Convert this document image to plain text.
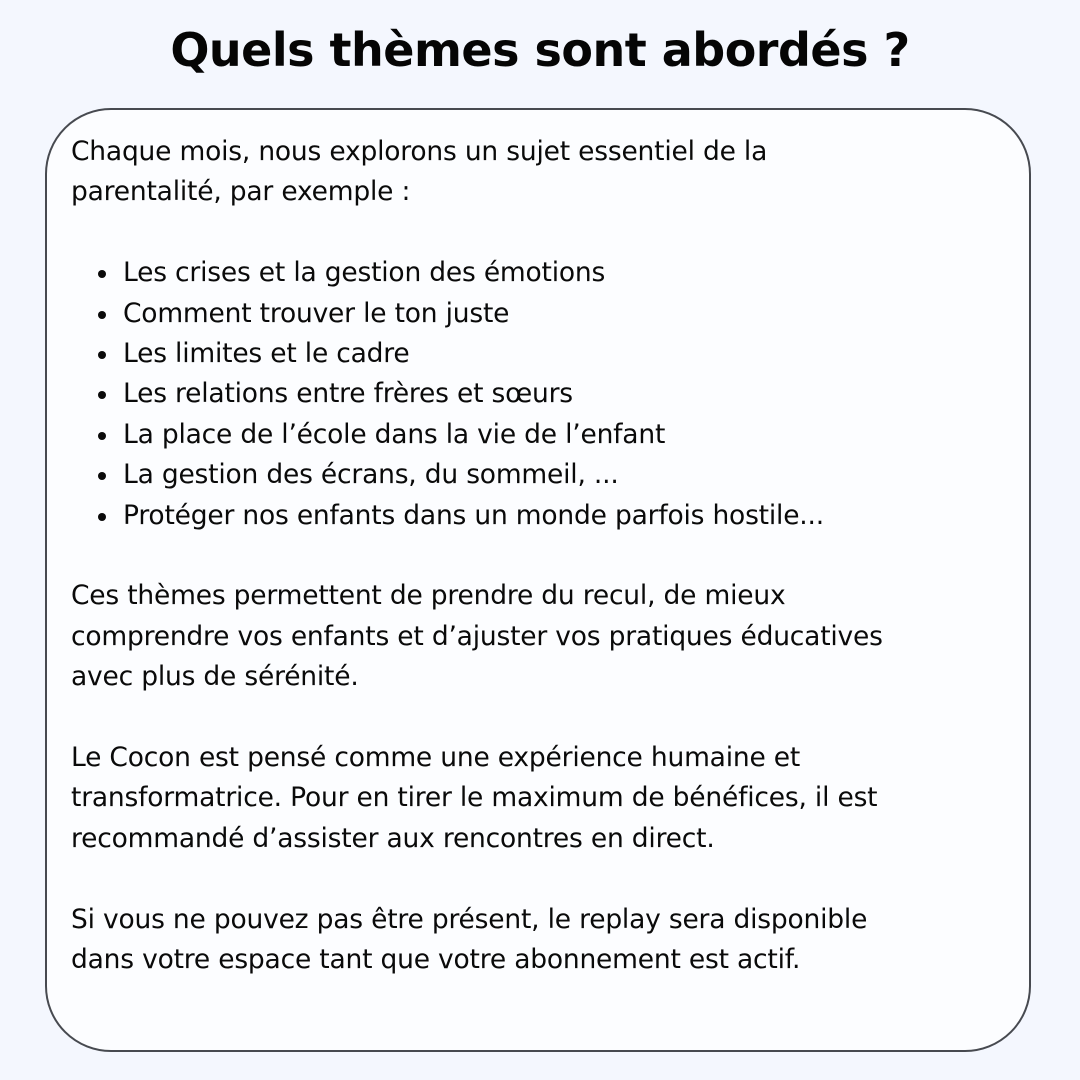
Quels thèmes sont abordés ?

Chaque mois, nous explorons un sujet essentiel de la
parentalité, par exemple :

Les crises et la gestion des émotions
Comment trouver le ton juste
Les limites et le cadre
Les relations entre frères et sœurs
La place de l’école dans la vie de l’enfant
La gestion des écrans, du sommeil, ...
Protéger nos enfants dans un monde parfois hostile...

Ces thèmes permettent de prendre du recul, de mieux
comprendre vos enfants et d’ajuster vos pratiques éducatives
avec plus de sérénité.

Le Cocon est pensé comme une expérience humaine et
transformatrice. Pour en tirer le maximum de bénéfices, il est
recommandé d’assister aux rencontres en direct.

Si vous ne pouvez pas être présent, le replay sera disponible
dans votre espace tant que votre abonnement est actif.
